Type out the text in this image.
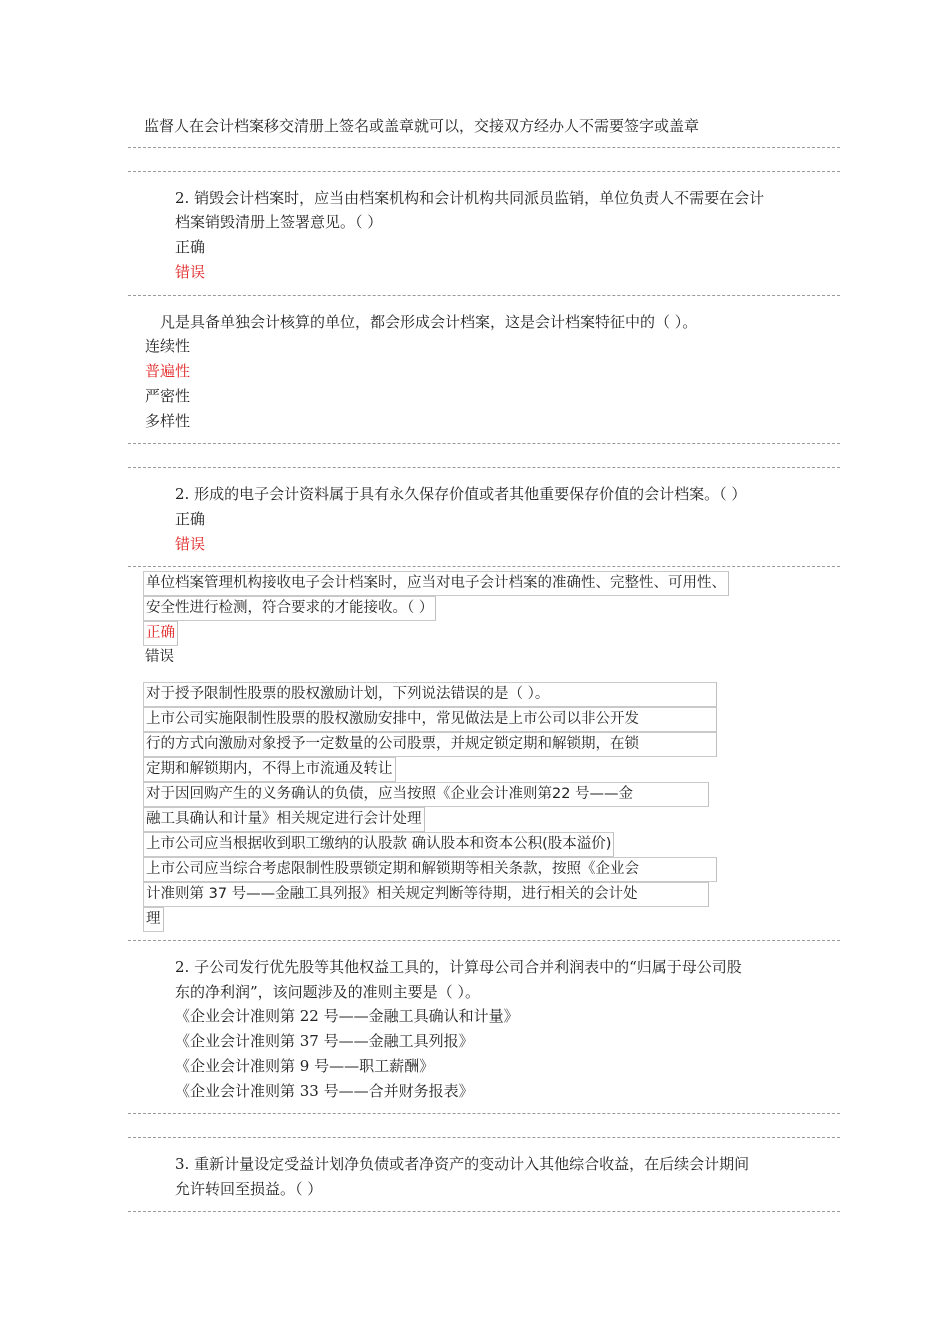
监督人在会计档案移交清册上签名或盖章就可以，交接双方经办人不需要签字或盖章
2. 销毁会计档案时，应当由档案机构和会计机构共同派员监销，单位负责人不需要在会计
档案销毁清册上签署意见。（ ）
正确
错误
凡是具备单独会计核算的单位，都会形成会计档案，这是会计档案特征中的（ ）。
连续性
普遍性
严密性
多样性
2. 形成的电子会计资料属于具有永久保存价值或者其他重要保存价值的会计档案。（ ）
正确
错误
单位档案管理机构接收电子会计档案时，应当对电子会计档案的准确性、完整性、可用性、
安全性进行检测，符合要求的才能接收。（ ）
正确
错误
对于授予限制性股票的股权激励计划，下列说法错误的是（ ）。
上市公司实施限制性股票的股权激励安排中，常见做法是上市公司以非公开发
行的方式向激励对象授予一定数量的公司股票，并规定锁定期和解锁期，在锁
定期和解锁期内，不得上市流通及转让
对于因回购产生的义务确认的负债，应当按照《企业会计准则第22 号——金
融工具确认和计量》相关规定进行会计处理
上市公司应当根据收到职工缴纳的认股款 确认股本和资本公积(股本溢价)
上市公司应当综合考虑限制性股票锁定期和解锁期等相关条款，按照《企业会
计准则第 37 号——金融工具列报》相关规定判断等待期，进行相关的会计处
理
2. 子公司发行优先股等其他权益工具的，计算母公司合并利润表中的“归属于母公司股
东的净利润”，该问题涉及的准则主要是（ ）。
《企业会计准则第 22 号——金融工具确认和计量》
《企业会计准则第 37 号——金融工具列报》
《企业会计准则第 9 号——职工薪酬》
《企业会计准则第 33 号——合并财务报表》
3. 重新计量设定受益计划净负债或者净资产的变动计入其他综合收益，在后续会计期间
允许转回至损益。（ ）
